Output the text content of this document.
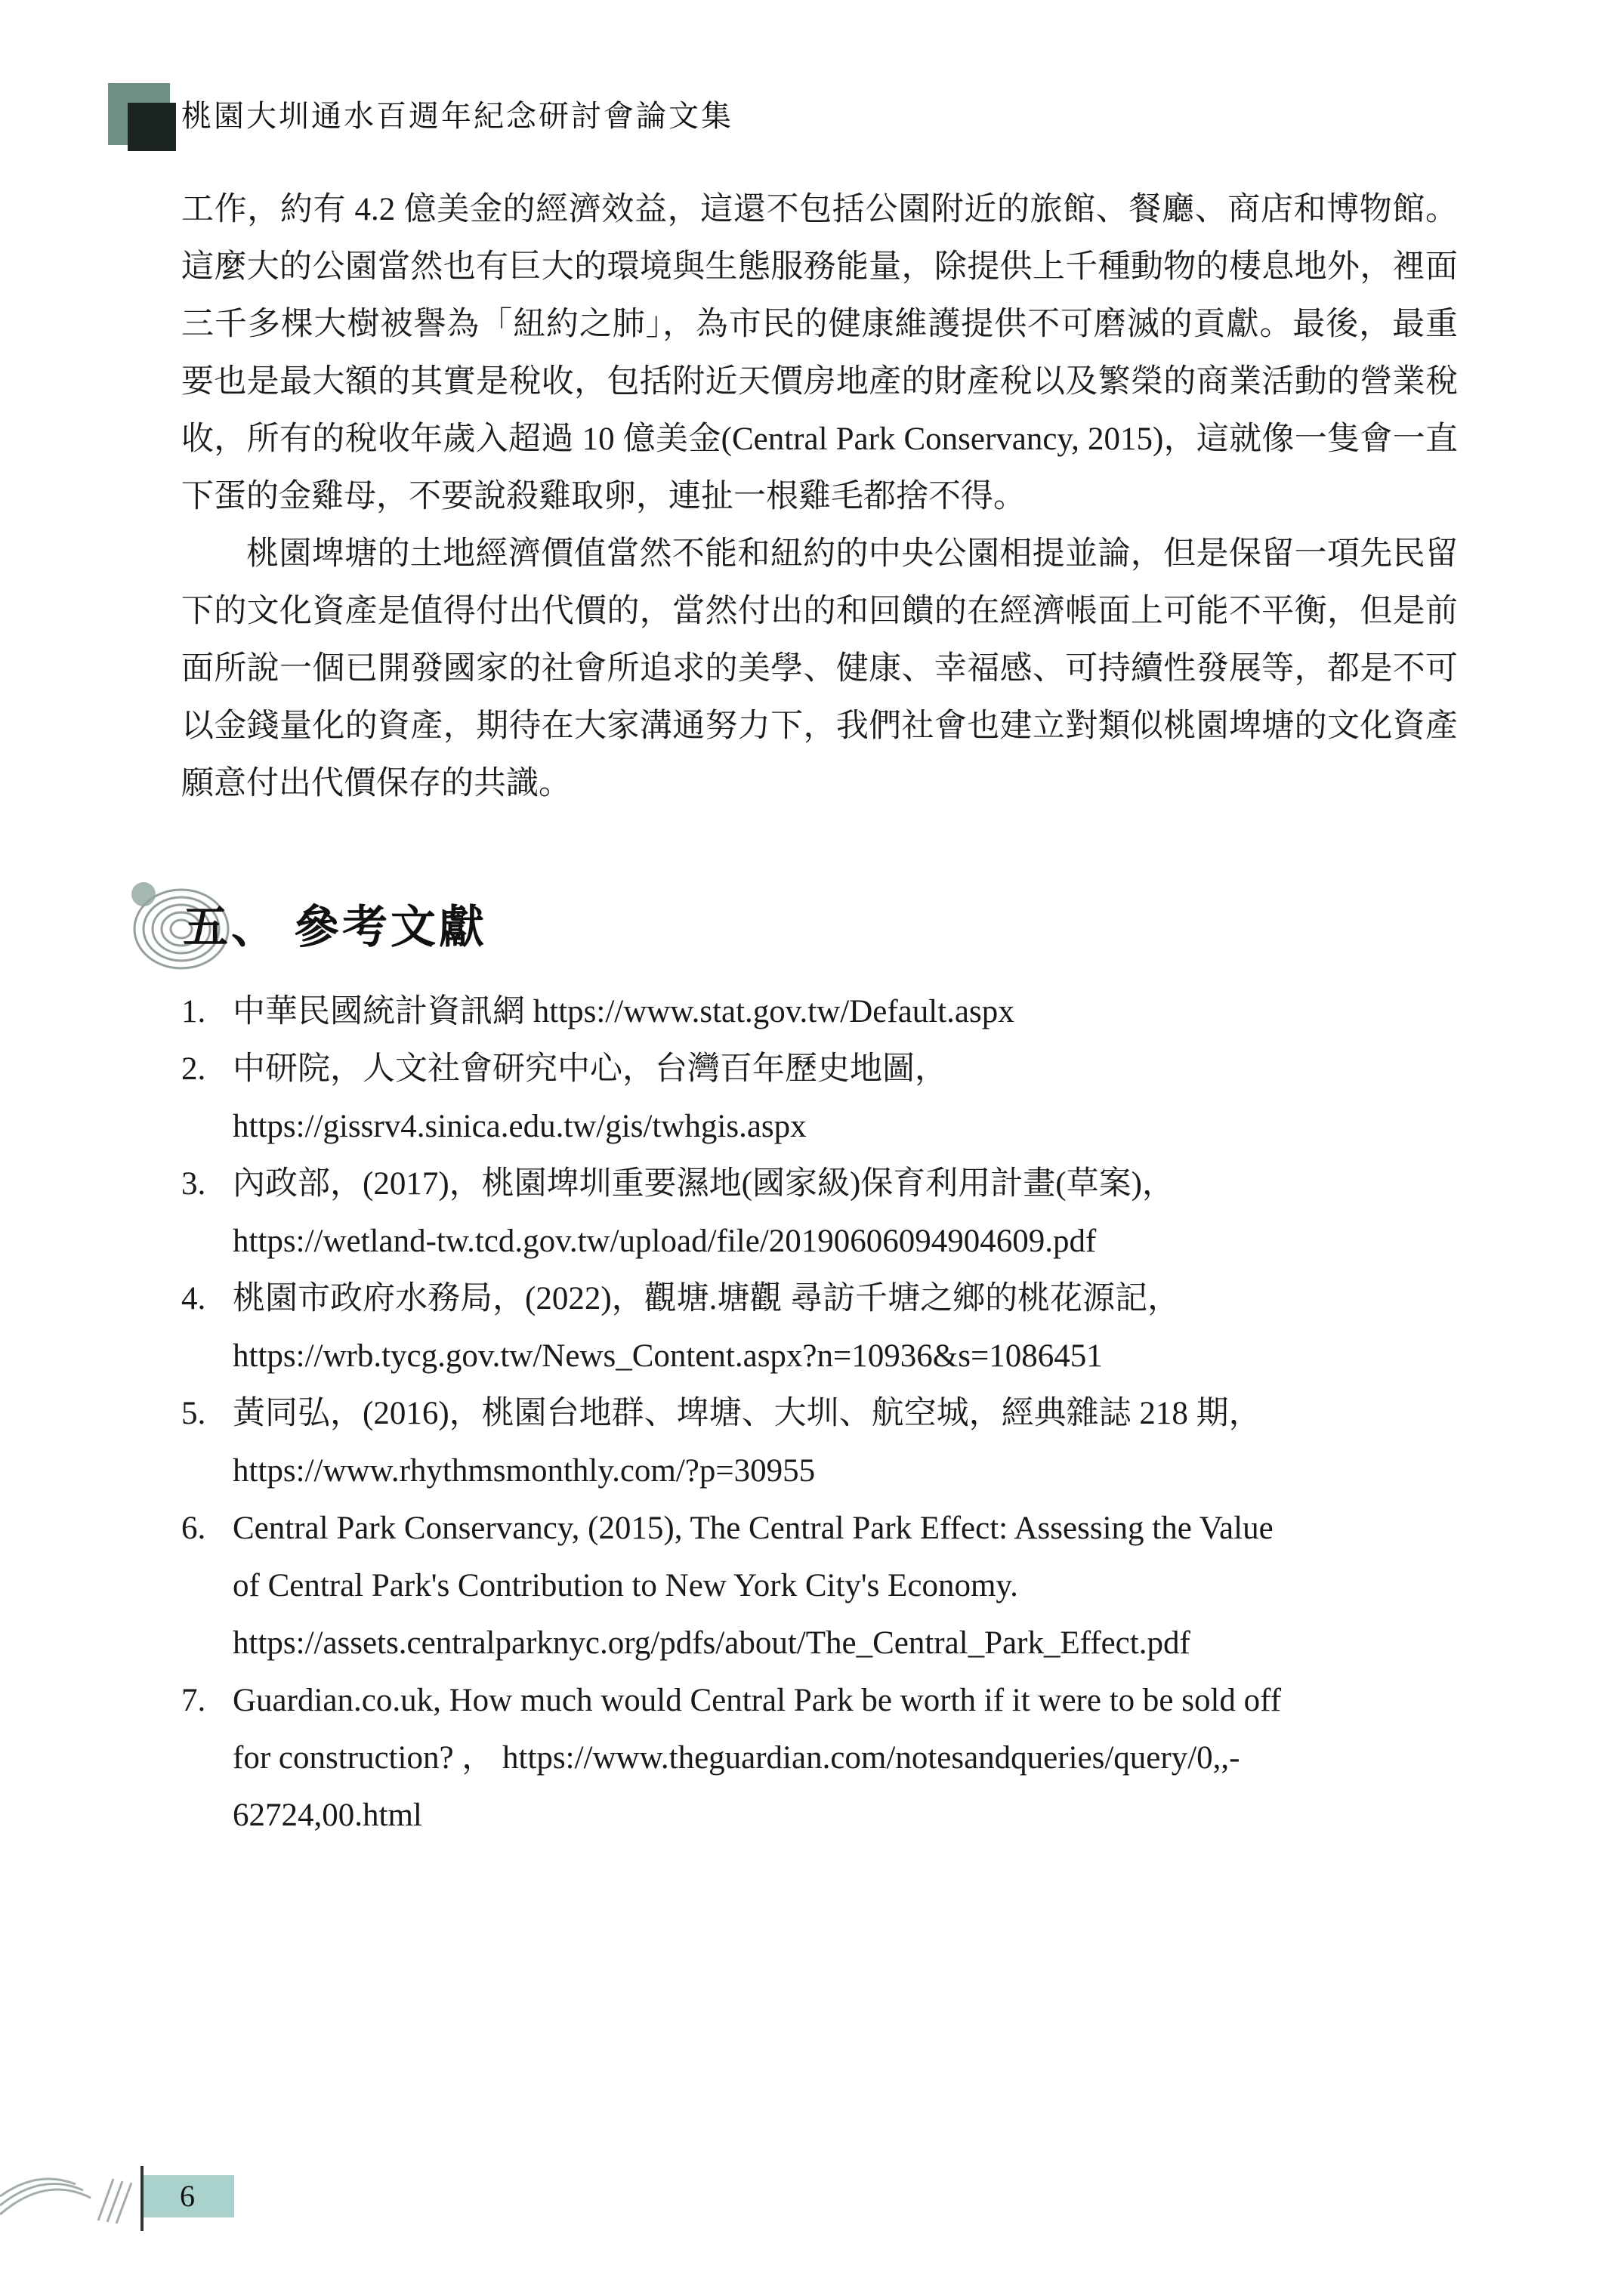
桃園大圳通水百週年紀念研討會論文集

工作，約有 4.2 億美金的經濟效益，這還不包括公園附近的旅館、餐廳、商店和博物館。這麼大的公園當然也有巨大的環境與生態服務能量，除提供上千種動物的棲息地外，裡面三千多棵大樹被譽為「紐約之肺」，為市民的健康維護提供不可磨滅的貢獻。最後，最重要也是最大額的其實是稅收，包括附近天價房地產的財產稅以及繁榮的商業活動的營業稅收，所有的稅收年歲入超過 10 億美金(Central Park Conservancy, 2015)，這就像一隻會一直下蛋的金雞母，不要說殺雞取卵，連扯一根雞毛都捨不得。

桃園埤塘的土地經濟價值當然不能和紐約的中央公園相提並論，但是保留一項先民留下的文化資產是值得付出代價的，當然付出的和回饋的在經濟帳面上可能不平衡，但是前面所說一個已開發國家的社會所追求的美學、健康、幸福感、可持續性發展等，都是不可以金錢量化的資產，期待在大家溝通努力下，我們社會也建立對類似桃園埤塘的文化資產願意付出代價保存的共識。

五、 參考文獻
1. 中華民國統計資訊網 https://www.stat.gov.tw/Default.aspx
2. 中研院，人文社會研究中心，台灣百年歷史地圖，
https://gissrv4.sinica.edu.tw/gis/twhgis.aspx
3. 內政部，(2017)，桃園埤圳重要濕地(國家級)保育利用計畫(草案)，
https://wetland-tw.tcd.gov.tw/upload/file/20190606094904609.pdf
4. 桃園市政府水務局，(2022)，觀塘.塘觀 尋訪千塘之鄉的桃花源記，
https://wrb.tycg.gov.tw/News_Content.aspx?n=10936&s=1086451
5. 黃同弘，(2016)，桃園台地群、埤塘、大圳、航空城，經典雜誌 218 期，
https://www.rhythmsmonthly.com/?p=30955
6. Central Park Conservancy, (2015), The Central Park Effect: Assessing the Value
of Central Park's Contribution to New York City's Economy.
https://assets.centralparknyc.org/pdfs/about/The_Central_Park_Effect.pdf
7. Guardian.co.uk, How much would Central Park be worth if it were to be sold off
for construction? ， https://www.theguardian.com/notesandqueries/query/0,,-
62724,00.html
6
